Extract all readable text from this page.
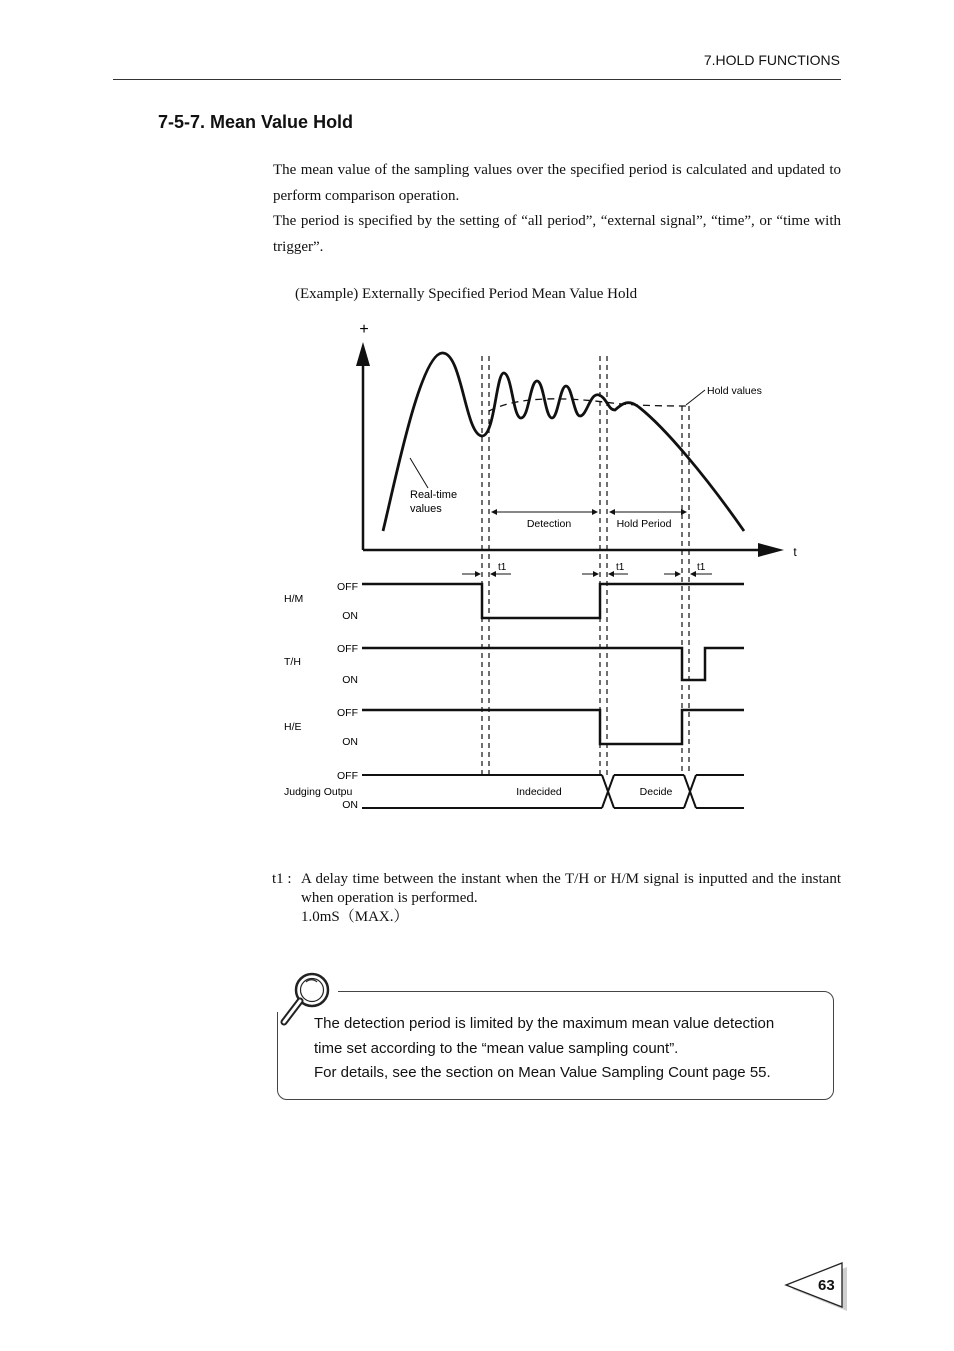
7.HOLD FUNCTIONS
7-5-7. Mean Value Hold

The mean value of the sampling values over the specified period is calculated and updated to perform comparison operation.

The period is specified by the setting of “all period”, “external signal”, “time”, or “time with trigger”.

(Example) Externally Specified Period Mean Value Hold
+
t
Hold values
Real-time
values
Detection	Hold Period
t1	t1	t1
H/M
OFF
ON
T/H
OFF
ON
H/E
OFF
ON
Judging Outpu
OFF
ON
Indecided	Decide
t1 : A delay time between the instant when the T/H or H/M signal is inputted and the instant when operation is performed.
1.0mS（MAX.）

The detection period is limited by the maximum mean value detection

time set according to the “mean value sampling count”.

For details, see the section on Mean Value Sampling Count page 55.

63
